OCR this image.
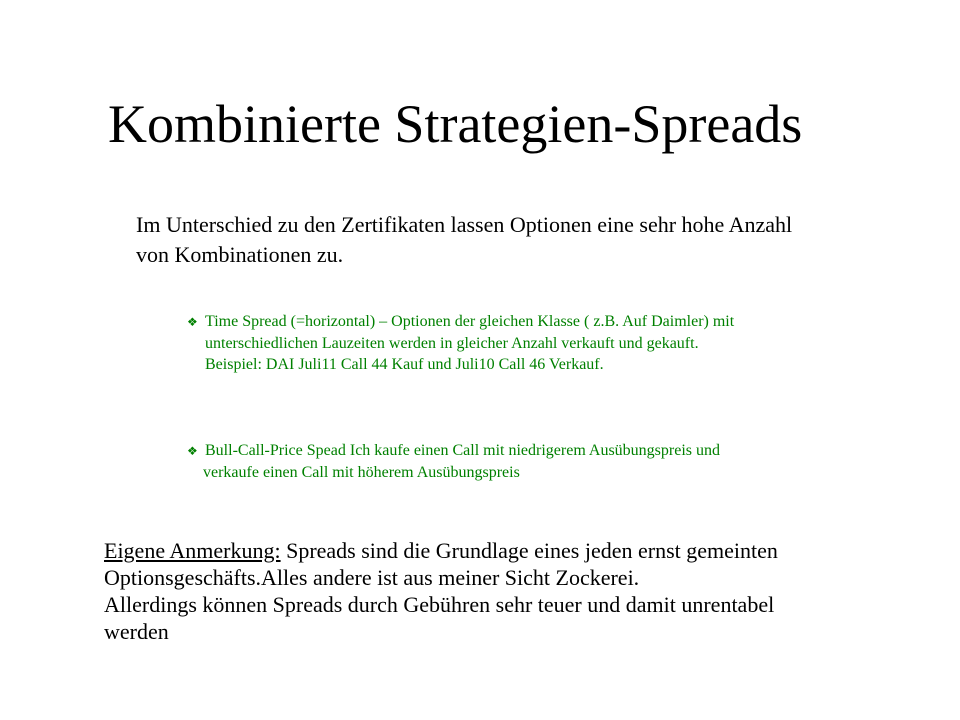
Kombinierte Strategien-Spreads

Im Unterschied zu den Zertifikaten lassen Optionen eine sehr hohe Anzahl

von Kombinationen zu.

❖ Time Spread (=horizontal) – Optionen der gleichen Klasse ( z.B. Auf Daimler) mit
unterschiedlichen Lauzeiten werden in gleicher Anzahl verkauft und gekauft.
Beispiel: DAI Juli11 Call 44 Kauf und Juli10 Call 46 Verkauf.
❖ Bull-Call-Price Spead Ich kaufe einen Call mit niedrigerem Ausübungspreis und
verkaufe einen Call mit höherem Ausübungspreis
Eigene Anmerkung: Spreads sind die Grundlage eines jeden ernst gemeinten
Optionsgeschäfts.Alles andere ist aus meiner Sicht Zockerei.
Allerdings können Spreads durch Gebühren sehr teuer und damit unrentabel
werden
